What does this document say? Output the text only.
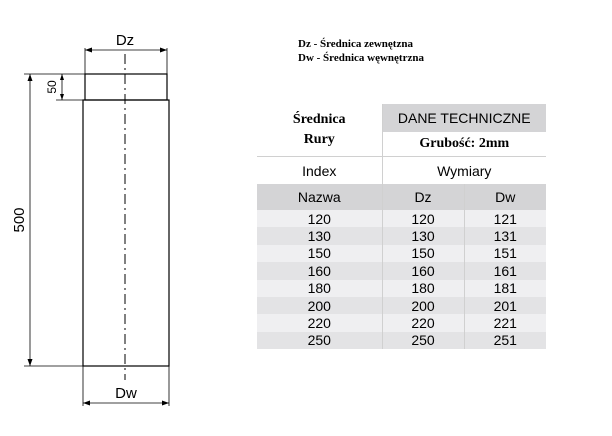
Dz
Dw
500
50
Dz - Średnica zewnętzna
Dw - Średnica węwnętrzna
Średnica
Rury	DANE TECHNICZNE	
	Grubość: 2mm	
Index	Wymiary	
Nazwa	Dz	Dw
120	120	121
130	130	131
150	150	151
160	160	161
180	180	181
200	200	201
220	220	221
250	250	251
